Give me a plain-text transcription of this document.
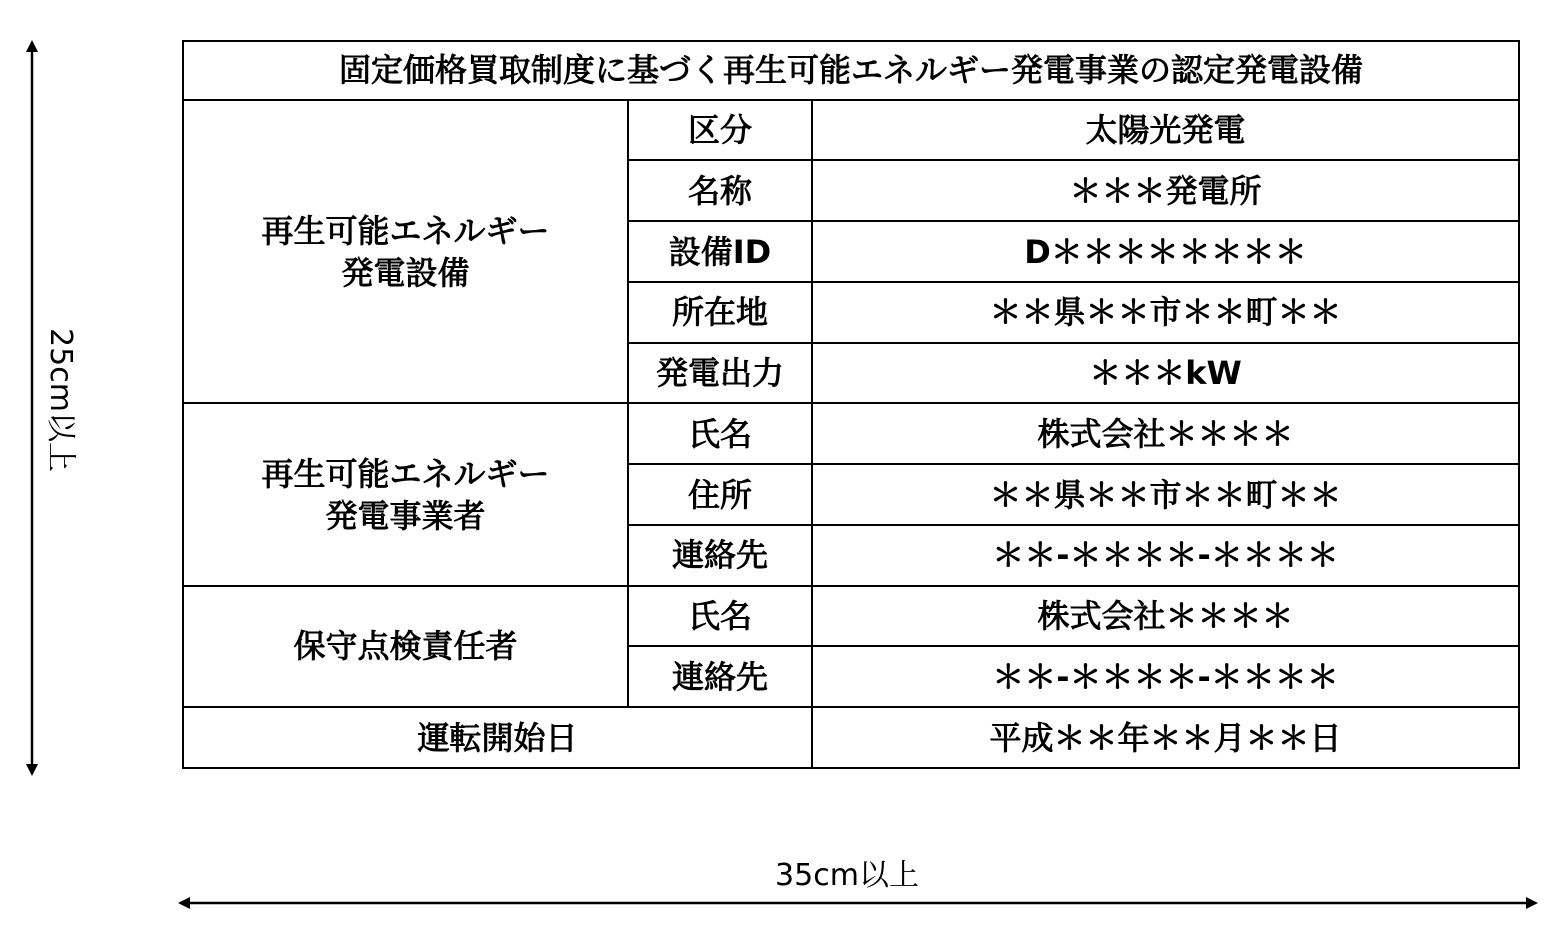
25cm以上
固定価格買取制度に基づく再生可能エネルギー発電事業の認定発電設備		

再生可能エネルギー
発電設備	区分	太陽光発電
	名称	＊＊＊発電所
	設備ID	D＊＊＊＊＊＊＊＊
	所在地	＊＊県＊＊市＊＊町＊＊
	発電出力	＊＊＊kW

再生可能エネルギー
発電事業者	氏名	株式会社＊＊＊＊
	住所	＊＊県＊＊市＊＊町＊＊
	連絡先	＊＊-＊＊＊＊-＊＊＊＊

保守点検責任者	氏名	株式会社＊＊＊＊
	連絡先	＊＊-＊＊＊＊-＊＊＊＊
運転開始日		平成＊＊年＊＊月＊＊日
35cm以上
